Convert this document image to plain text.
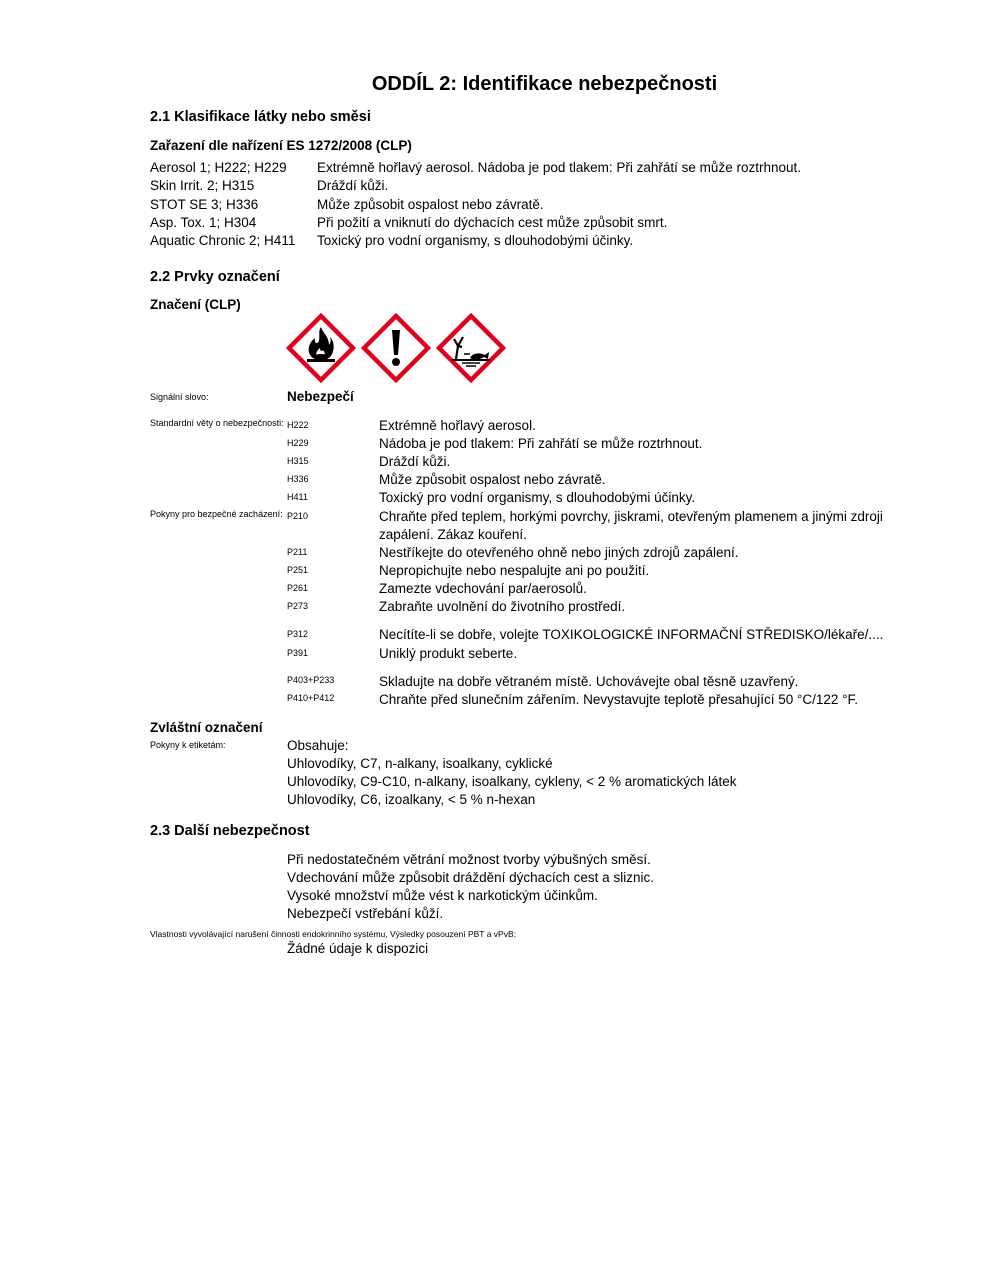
ODDÍL 2: Identifikace nebezpečnosti
2.1 Klasifikace látky nebo směsi
Zařazení dle nařízení ES 1272/2008 (CLP)
Aerosol 1; H222; H229 Extrémně hořlavý aerosol. Nádoba je pod tlakem: Při zahřátí se může roztrhnout.
Skin Irrit. 2; H315	Dráždí kůži.
STOT SE 3; H336	Může způsobit ospalost nebo závratě.
Asp. Tox. 1; H304	Při požití a vniknutí do dýchacích cest může způsobit smrt.
Aquatic Chronic 2; H411 Toxický pro vodní organismy, s dlouhodobými účinky.
2.2 Prvky označení
Značení (CLP)
Signální slovo:	Nebezpečí
Standardní věty o nebezpečnosti: H222	Extrémně hořlavý aerosol.
H229	Nádoba je pod tlakem: Při zahřátí se může roztrhnout.
H315	Dráždí kůži.
H336	Může způsobit ospalost nebo závratě.
H411	Toxický pro vodní organismy, s dlouhodobými účinky.
Pokyny pro bezpečné zacházení: P210	Chraňte před teplem, horkými povrchy, jiskrami, otevřeným plamenem a jinými zdroji zapálení. Zákaz kouření.
P211	Nestříkejte do otevřeného ohně nebo jiných zdrojů zapálení.
P251	Nepropichujte nebo nespalujte ani po použití.
P261	Zamezte vdechování par/aerosolů.
P273	Zabraňte uvolnění do životního prostředí.
P312	Necítíte-li se dobře, volejte TOXIKOLOGICKÉ INFORMAČNÍ STŘEDISKO/lékaře/....
P391	Uniklý produkt seberte.
P403+P233	Skladujte na dobře větraném místě. Uchovávejte obal těsně uzavřený.
P410+P412	Chraňte před slunečním zářením. Nevystavujte teplotě přesahující 50 °C/122 °F.
Zvláštní označení
Pokyny k etiketám:	Obsahuje:
Uhlovodíky, C7, n-alkany, isoalkany, cyklické
Uhlovodíky, C9-C10, n-alkany, isoalkany, cykleny, < 2 % aromatických látek
Uhlovodíky, C6, izoalkany, < 5 % n-hexan
2.3 Další nebezpečnost
Při nedostatečném větrání možnost tvorby výbušných směsí.
Vdechování může způsobit dráždění dýchacích cest a sliznic.
Vysoké množství může vést k narkotickým účinkům.
Nebezpečí vstřebání kůží.
Vlastnosti vyvolávající narušení činnosti endokrinního systému, Výsledky posouzení PBT a vPvB:
Žádné údaje k dispozici
